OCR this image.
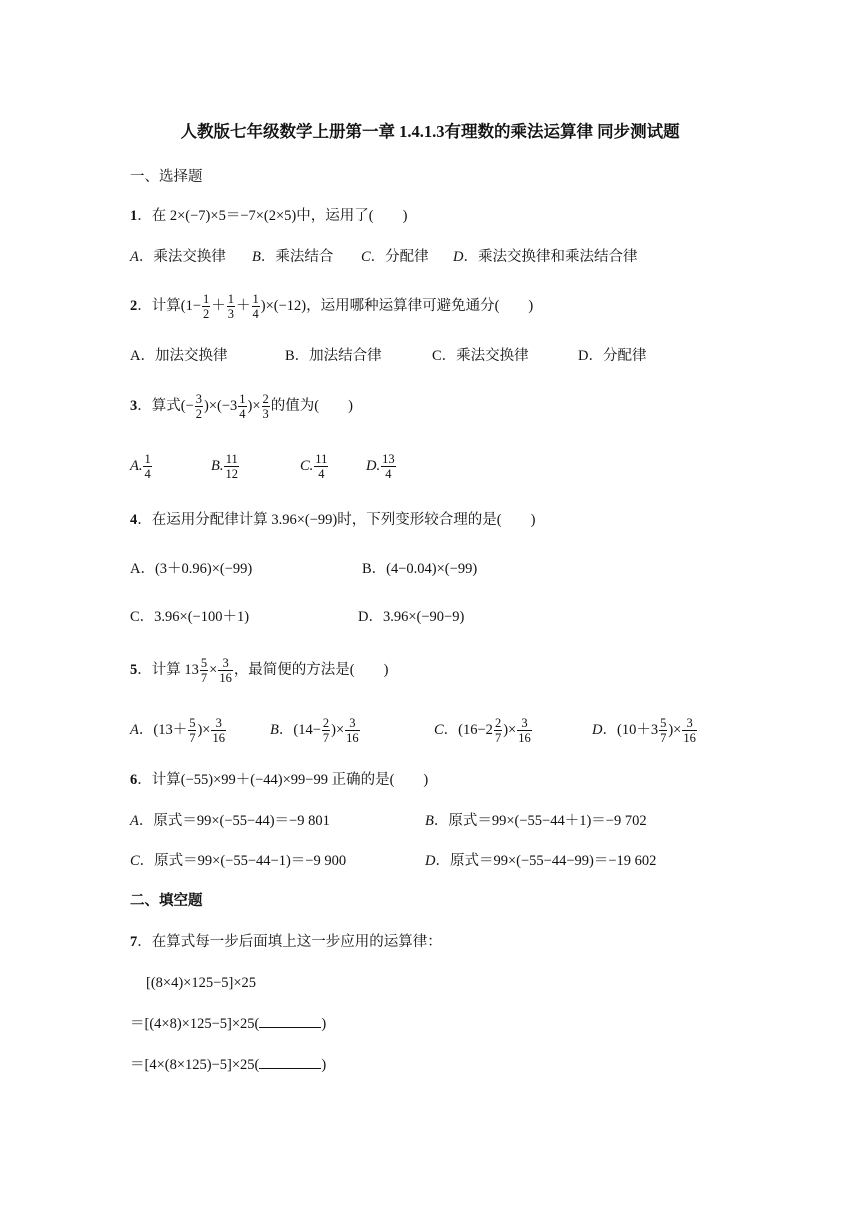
人教版七年级数学上册第一章 1.4.1.3有理数的乘法运算律 同步测试题
一、选择题
1．在 2×(−7)×5＝−7×(2×5)中，运用了(　　)
A．乘法交换律 B．乘法结合 C．分配律 D．乘法交换律和乘法结合律
2．计算$(1- \frac{1}{2} + \frac{1}{3} + \frac{1}{4} )\times(-12)$，运用哪种运算律可避免通分(　　)
A．加法交换律	B．加法结合律	C．乘法交换律	D．分配律
3．算式(− $\frac{3}{2} )\times(-3 \frac{1}{4}$ )× $\frac{2}{3}$ 的值为(　　)
A. $\frac{1}{4}$	B. $\frac{11}{12}$	C. $\frac{11}{4}$	D. $\frac{13}{4}$
4．在运用分配律计算 3.96×(−99)时，下列变形较合理的是(　　)
A．(3＋0.96)×(−99)	B．(4−0.04)×(−99)
C．3.96×(−100＋1)	D．3.96×(−90−9)
5．计算 $13 \frac{5}{7} \times \frac{3}{16}$ ，最简便的方法是(　　)
A．($13+ \frac{5}{7}$ )× $\frac{3}{16}$	B．($14- \frac{2}{7}$ )× $\frac{3}{16}$	C．($16-2 \frac{2}{7}$ )× $\frac{3}{16}$	D．($10+3 \frac{5}{7}$ )× $\frac{3}{16}$
6．计算(−55)×99＋(−44)×99−99 正确的是(　　)
A．原式＝99×(−55−44)＝−9 801	B．原式＝99×(−55−44＋1)＝−9 702
C．原式＝99×(−55−44−1)＝−9 900	D．原式＝99×(−55−44−99)＝−19 602
二、填空题
7．在算式每一步后面填上这一步应用的运算律：
[(8×4)×125−5]×25
＝[(4×8)×125−5]×25(	)
＝[4×(8×125)−5]×25(	)
